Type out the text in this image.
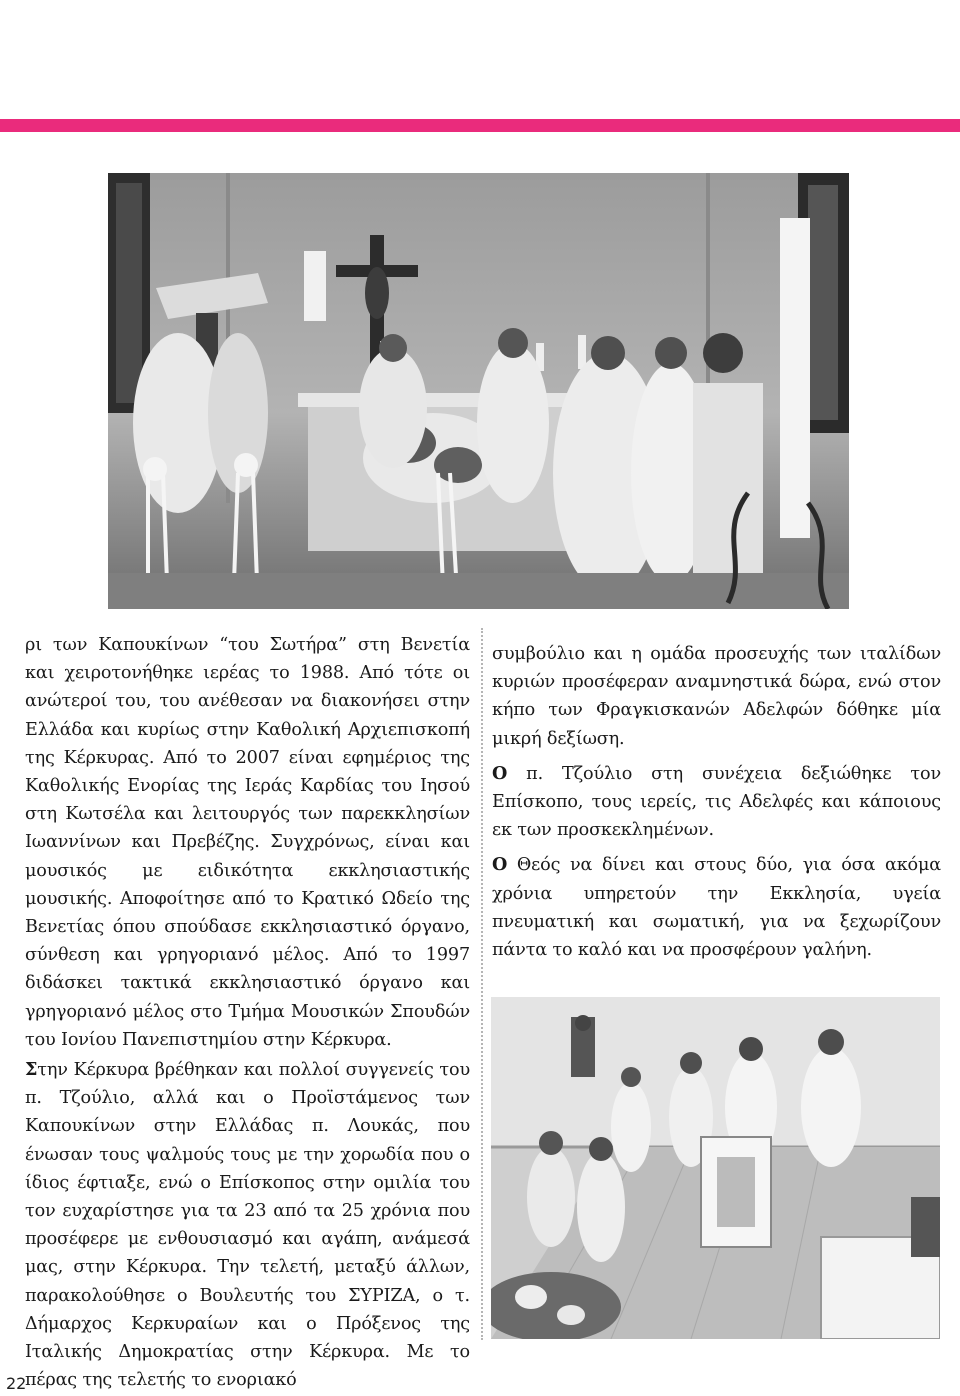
ρι των Καπουκίνων “του Σωτήρα” στη Βενετία και χειροτονήθηκε ιερέας το 1988. Από τότε οι ανώτεροί του, του ανέθεσαν να διακονήσει στην Ελλάδα και κυρίως στην Καθολική Αρχιεπισκοπή της Κέρκυρας. Από το 2007 είναι εφημέριος της Καθολικής Ενορίας της Ιεράς Καρδίας του Ιησού στη Κωτσέλα και λειτουργός των παρεκκλησίων Ιωαννίνων και Πρεβέζης. Συγχρόνως, είναι και μουσικός με ειδικότητα εκκλησιαστικής μουσικής. Αποφοίτησε από το Κρατικό Ωδείο της Βενετίας όπου σπούδασε εκκλησιαστικό όργανο, σύνθεση και γρηγοριανό μέλος. Από το 1997 διδάσκει τακτικά εκκλησιαστικό όργανο και γρηγοριανό μέλος στο Τμήμα Μουσικών Σπουδών του Ιονίου Πανεπιστημίου στην Κέρκυρα.

Στην Κέρκυρα βρέθηκαν και πολλοί συγγενείς του π. Τζούλιο, αλλά και ο Προϊστάμενος των Καπουκίνων στην Ελλάδας π. Λουκάς, που ένωσαν τους ψαλμούς τους με την χορωδία που ο ίδιος έφτιαξε, ενώ ο Επίσκοπος στην ομιλία του τον ευχαρίστησε για τα 23 από τα 25 χρόνια που προσέφερε με ενθουσιασμό και αγάπη, ανάμεσά μας, στην Κέρκυρα. Την τελετή, μεταξύ άλλων, παρακολούθησε ο Βουλευτής του ΣΥΡΙΖΑ, ο τ. Δήμαρχος Κερκυραίων και ο Πρόξενος της Ιταλικής Δημοκρατίας στην Κέρκυρα. Με το πέρας της τελετής το ενοριακό

συμβούλιο και η ομάδα προσευχής των ιταλίδων κυριών προσέφεραν αναμνηστικά δώρα, ενώ στον κήπο των Φραγκισκανών Αδελφών δόθηκε μία μικρή δεξίωση.

Ο π. Τζούλιο στη συνέχεια δεξιώθηκε τον Επίσκοπο, τους ιερείς, τις Αδελφές και κάποιους εκ των προσκεκλημένων.

Ο Θεός να δίνει και στους δύο, για όσα ακόμα χρόνια υπηρετούν την Εκκλησία, υγεία πνευματική και σωματική, για να ξεχωρίζουν πάντα το καλό και να προσφέρουν γαλήνη.

22
